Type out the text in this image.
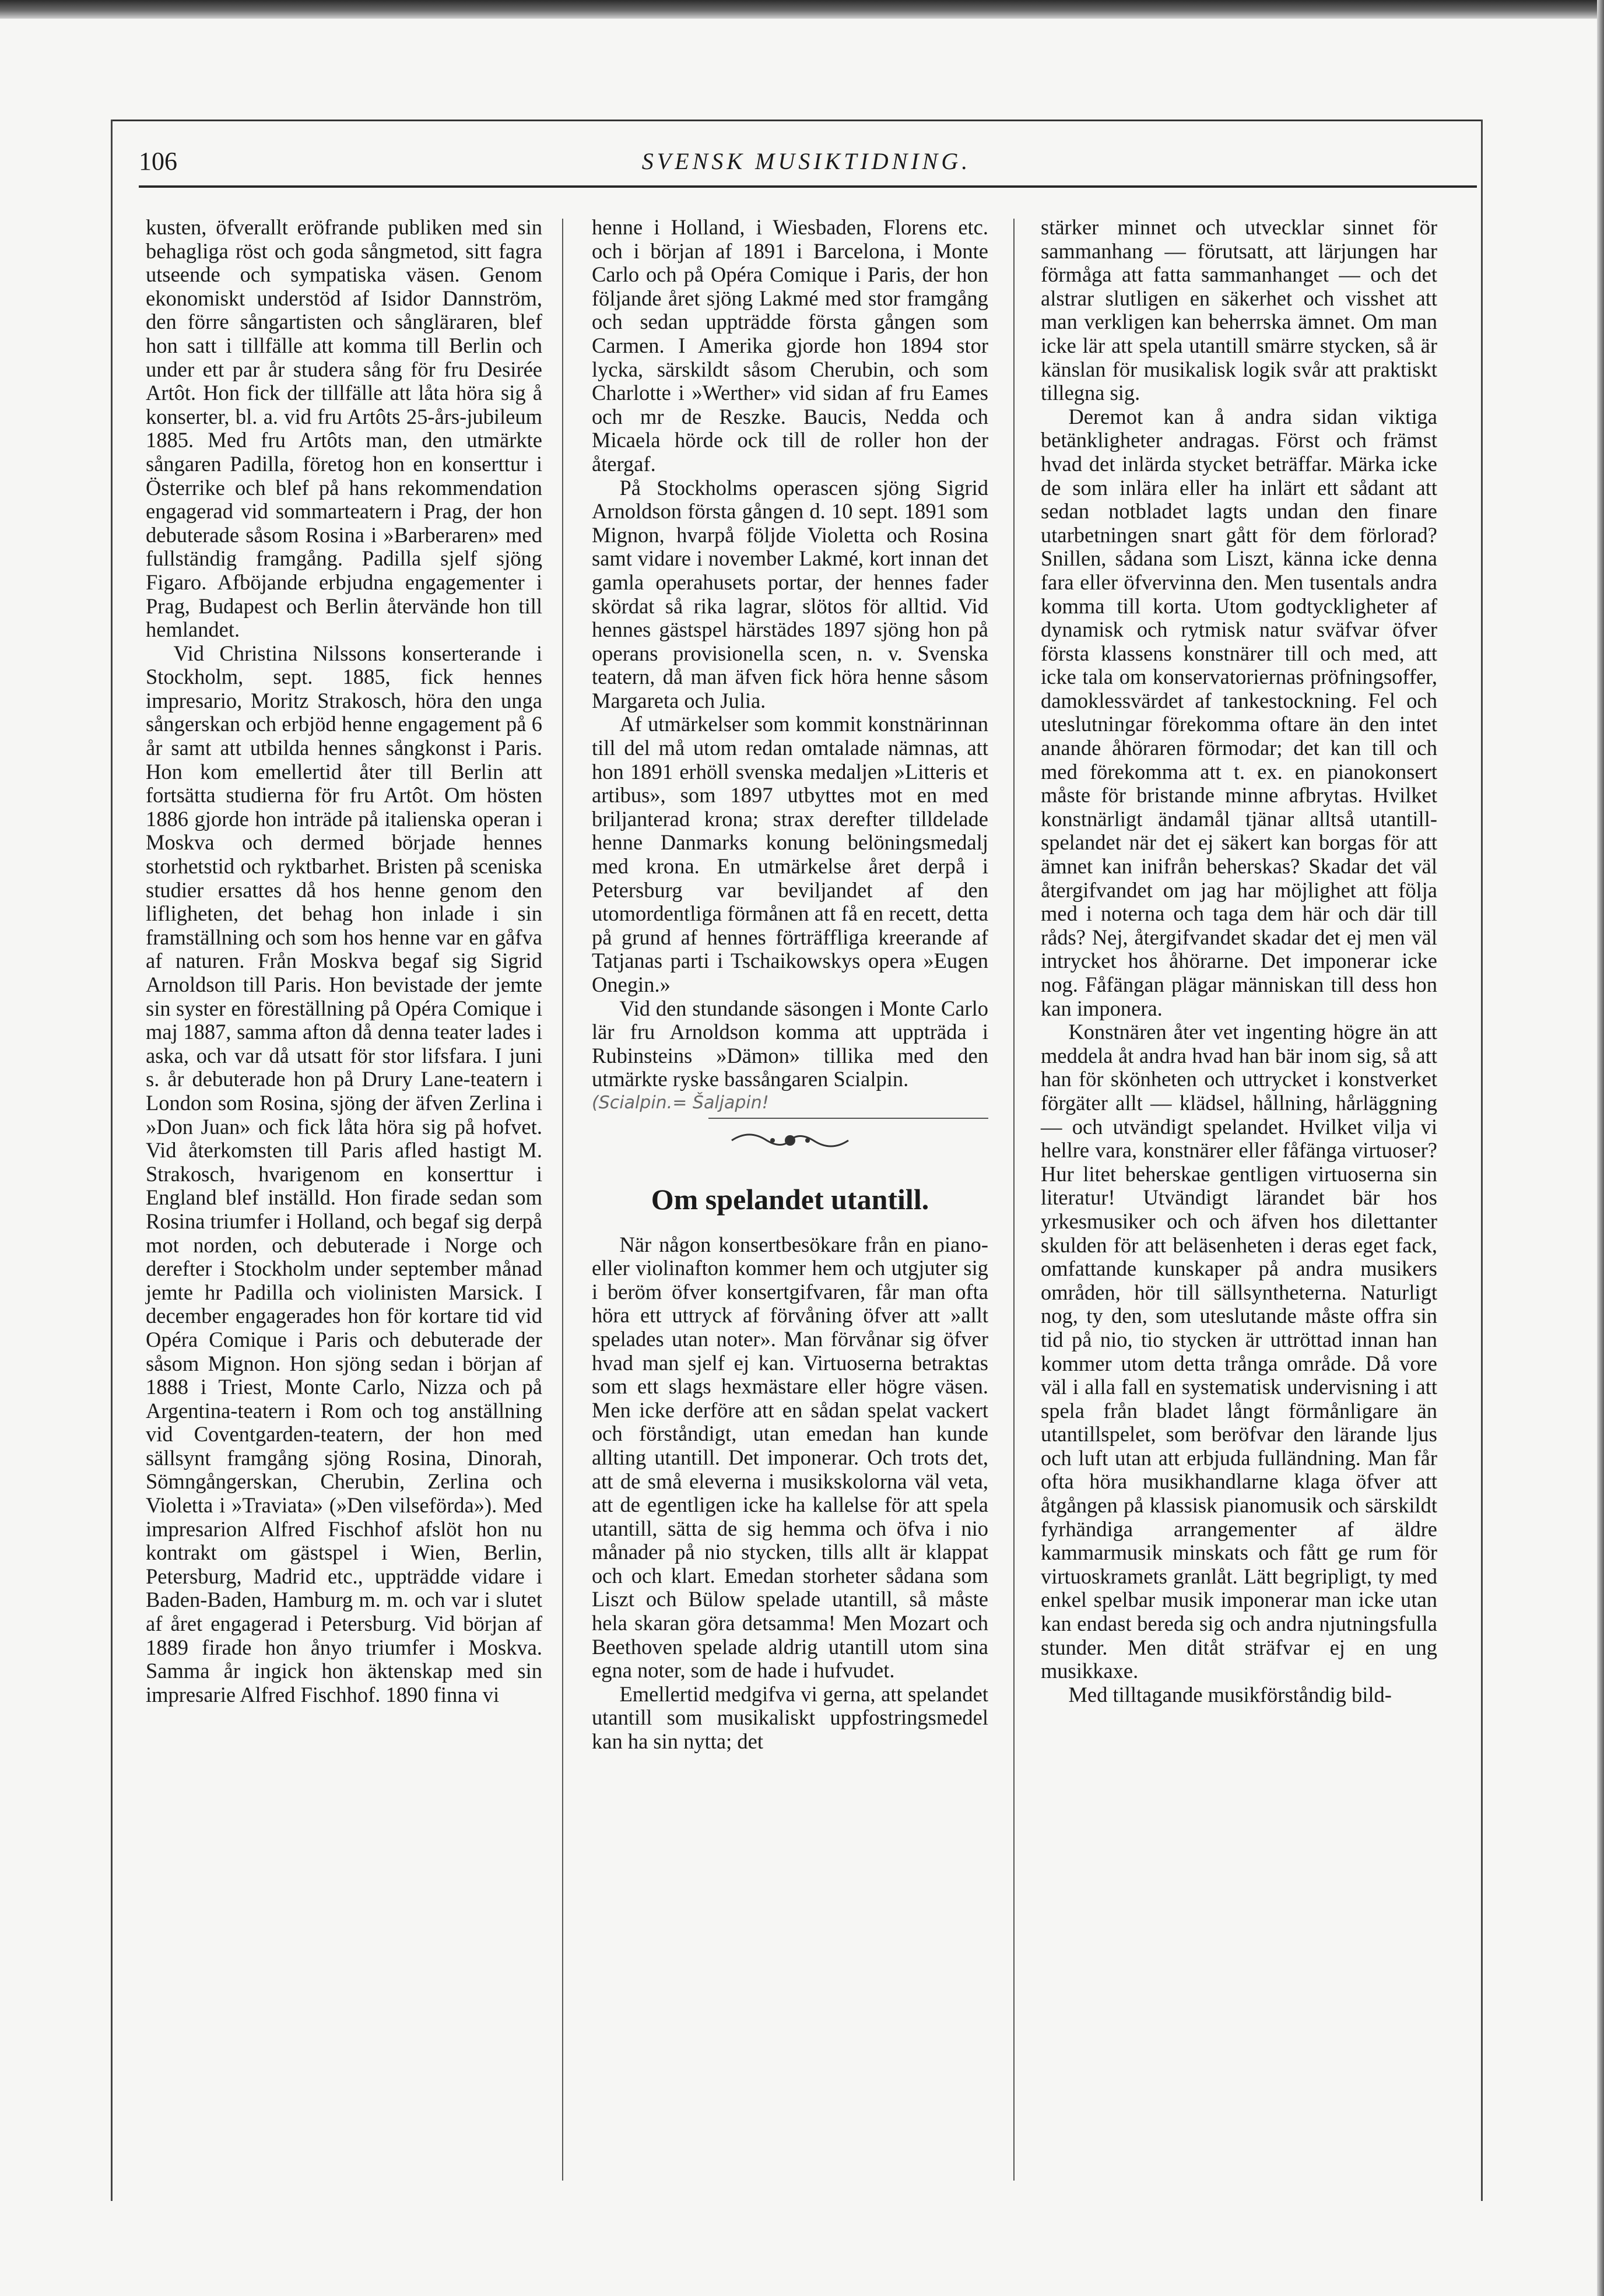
106	SVENSK MUSIKTIDNING.

kusten, öfverallt eröfrande publiken med sin behagliga röst och goda sångmetod, sitt fagra utseende och sympatiska väsen. Genom ekonomiskt understöd af Isidor Dannström, den förre sångartisten och sångläraren, blef hon satt i tillfälle att komma till Berlin och under ett par år studera sång för fru Desirée Artôt. Hon fick der tillfälle att låta höra sig å konserter, bl. a. vid fru Artôts 25-års-jubileum 1885. Med fru Artôts man, den utmärkte sångaren Padilla, företog hon en konserttur i Österrike och blef på hans rekommendation engagerad vid sommarteatern i Prag, der hon debuterade såsom Rosina i »Barberaren» med fullständig framgång. Padilla sjelf sjöng Figaro. Afböjande erbjudna engagementer i Prag, Budapest och Berlin återvände hon till hemlandet.

Vid Christina Nilssons konserterande i Stockholm, sept. 1885, fick hennes impresario, Moritz Strakosch, höra den unga sångerskan och erbjöd henne engagement på 6 år samt att utbilda hennes sångkonst i Paris. Hon kom emellertid åter till Berlin att fortsätta studierna för fru Artôt. Om hösten 1886 gjorde hon inträde på italienska operan i Moskva och dermed började hennes storhetstid och ryktbarhet. Bristen på sceniska studier ersattes då hos henne genom den lifligheten, det behag hon inlade i sin framställning och som hos henne var en gåfva af naturen. Från Moskva begaf sig Sigrid Arnoldson till Paris. Hon bevistade der jemte sin syster en föreställning på Opéra Comique i maj 1887, samma afton då denna teater lades i aska, och var då utsatt för stor lifsfara. I juni s. år debuterade hon på Drury Lane-teatern i London som Rosina, sjöng der äfven Zerlina i »Don Juan» och fick låta höra sig på hofvet. Vid återkomsten till Paris afled hastigt M. Strakosch, hvarigenom en konserttur i England blef inställd. Hon firade sedan som Rosina triumfer i Holland, och begaf sig derpå mot norden, och debuterade i Norge och derefter i Stockholm under september månad jemte hr Padilla och violinisten Marsick. I december engagerades hon för kortare tid vid Opéra Comique i Paris och debuterade der såsom Mignon. Hon sjöng sedan i början af 1888 i Triest, Monte Carlo, Nizza och på Argentina-teatern i Rom och tog anställning vid Coventgarden-teatern, der hon med sällsynt framgång sjöng Rosina, Dinorah, Sömngångerskan, Cherubin, Zerlina och Violetta i »Traviata» (»Den vilseförda»). Med impresarion Alfred Fischhof afslöt hon nu kontrakt om gästspel i Wien, Berlin, Petersburg, Madrid etc., uppträdde vidare i Baden-Baden, Hamburg m. m. och var i slutet af året engagerad i Petersburg. Vid början af 1889 firade hon ånyo triumfer i Moskva. Samma år ingick hon äktenskap med sin impresarie Alfred Fischhof. 1890 finna vi

henne i Holland, i Wiesbaden, Florens etc. och i början af 1891 i Barcelona, i Monte Carlo och på Opéra Comique i Paris, der hon följande året sjöng Lakmé med stor framgång och sedan uppträdde första gången som Carmen. I Amerika gjorde hon 1894 stor lycka, särskildt såsom Cherubin, och som Charlotte i »Werther» vid sidan af fru Eames och mr de Reszke. Baucis, Nedda och Micaela hörde ock till de roller hon der återgaf.

På Stockholms operascen sjöng Sigrid Arnoldson första gången d. 10 sept. 1891 som Mignon, hvarpå följde Violetta och Rosina samt vidare i november Lakmé, kort innan det gamla operahusets portar, der hennes fader skördat så rika lagrar, slötos för alltid. Vid hennes gästspel härstädes 1897 sjöng hon på operans provisionella scen, n. v. Svenska teatern, då man äfven fick höra henne såsom Margareta och Julia.

Af utmärkelser som kommit konstnärinnan till del må utom redan omtalade nämnas, att hon 1891 erhöll svenska medaljen »Litteris et artibus», som 1897 utbyttes mot en med briljanterad krona; strax derefter tilldelade henne Danmarks konung belöningsmedalj med krona. En utmärkelse året derpå i Petersburg var beviljandet af den utomordentliga förmånen att få en recett, detta på grund af hennes förträffliga kreerande af Tatjanas parti i Tschaikowskys opera »Eugen Onegin.»

Vid den stundande säsongen i Monte Carlo lär fru Arnoldson komma att uppträda i Rubinsteins »Dämon» tillika med den utmärkte ryske bassångaren Scialpin.

(Scialpin.= Šaljapin!
Om spelandet utantill.

När någon konsertbesökare från en piano- eller violinafton kommer hem och utgjuter sig i beröm öfver konsertgifvaren, får man ofta höra ett uttryck af förvåning öfver att »allt spelades utan noter». Man förvånar sig öfver hvad man sjelf ej kan. Virtuoserna betraktas som ett slags hexmästare eller högre väsen. Men icke derföre att en sådan spelat vackert och förståndigt, utan emedan han kunde allting utantill. Det imponerar. Och trots det, att de små eleverna i musikskolorna väl veta, att de egentligen icke ha kallelse för att spela utantill, sätta de sig hemma och öfva i nio månader på nio stycken, tills allt är klappat och och klart. Emedan storheter sådana som Liszt och Bülow spelade utantill, så måste hela skaran göra detsamma! Men Mozart och Beethoven spelade aldrig utantill utom sina egna noter, som de hade i hufvudet.

Emellertid medgifva vi gerna, att spelandet utantill som musikaliskt uppfostringsmedel kan ha sin nytta; det

stärker minnet och utvecklar sinnet för sammanhang — förutsatt, att lärjungen har förmåga att fatta sammanhanget — och det alstrar slutligen en säkerhet och visshet att man verkligen kan beherrska ämnet. Om man icke lär att spela utantill smärre stycken, så är känslan för musikalisk logik svår att praktiskt tillegna sig.

Deremot kan å andra sidan viktiga betänkligheter andragas. Först och främst hvad det inlärda stycket beträffar. Märka icke de som inlära eller ha inlärt ett sådant att sedan notbladet lagts undan den finare utarbetningen snart gått för dem förlorad? Snillen, sådana som Liszt, känna icke denna fara eller öfvervinna den. Men tusentals andra komma till korta. Utom godtyckligheter af dynamisk och rytmisk natur sväfvar öfver första klassens konstnärer till och med, att icke tala om konservatoriernas pröfningsoffer, damoklessvärdet af tankestockning. Fel och uteslutningar förekomma oftare än den intet anande åhöraren förmodar; det kan till och med förekomma att t. ex. en pianokonsert måste för bristande minne afbrytas. Hvilket konstnärligt ändamål tjänar alltså utantill-spelandet när det ej säkert kan borgas för att ämnet kan inifrån beherskas? Skadar det väl återgifvandet om jag har möjlighet att följa med i noterna och taga dem här och där till råds? Nej, återgifvandet skadar det ej men väl intrycket hos åhörarne. Det imponerar icke nog. Fåfängan plägar människan till dess hon kan imponera.

Konstnären åter vet ingenting högre än att meddela åt andra hvad han bär inom sig, så att han för skönheten och uttrycket i konstverket förgäter allt — klädsel, hållning, hårläggning — och utvändigt spelandet. Hvilket vilja vi hellre vara, konstnärer eller fåfänga virtuoser? Hur litet beherskae gentligen virtuoserna sin literatur! Utvändigt lärandet bär hos yrkesmusiker och och äfven hos dilettanter skulden för att beläsenheten i deras eget fack, omfattande kunskaper på andra musikers områden, hör till sällsyntheterna. Naturligt nog, ty den, som uteslutande måste offra sin tid på nio, tio stycken är uttröttad innan han kommer utom detta trånga område. Då vore väl i alla fall en systematisk undervisning i att spela från bladet långt förmånligare än utantillspelet, som beröfvar den lärande ljus och luft utan att erbjuda fulländning. Man får ofta höra musikhandlarne klaga öfver att åtgången på klassisk pianomusik och särskildt fyrhändiga arrangementer af äldre kammarmusik minskats och fått ge rum för virtuoskramets granlåt. Lätt begripligt, ty med enkel spelbar musik imponerar man icke utan kan endast bereda sig och andra njutningsfulla stunder. Men ditåt sträfvar ej en ung musikkaxe.

Med tilltagande musikförståndig bild-
